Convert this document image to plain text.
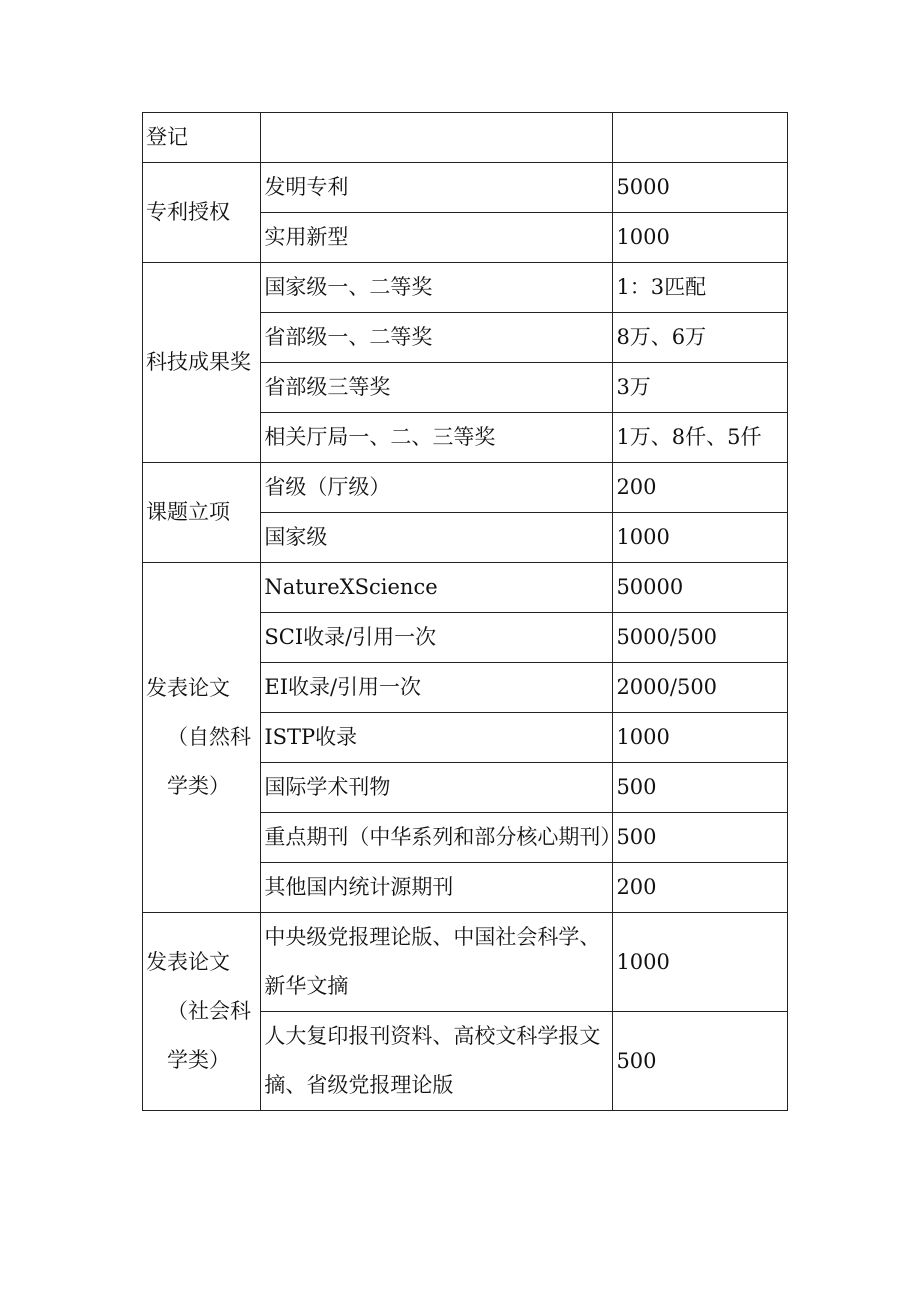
登记		
专利授权	发明专利	5000
	实用新型	1000
科技成果奖	国家级一、二等奖	1：3匹配
	省部级一、二等奖	8万、6万
	省部级三等奖	3万
	相关厅局一、二、三等奖	1万、8仟、5仟
课题立项	省级（厅级）	200
	国家级	1000

发表论文

（自然科学类）	NatureXScience	50000
	SCI收录/引用一次	5000/500
	EI收录/引用一次	2000/500
	ISTP收录	1000
	国际学术刊物	500
	重点期刊（中华系列和部分核心期刊）	500
	其他国内统计源期刊	200

发表论文

（社会科学类）	中央级党报理论版、中国社会科学、新华文摘	1000
	人大复印报刊资料、高校文科学报文摘、省级党报理论版	500
